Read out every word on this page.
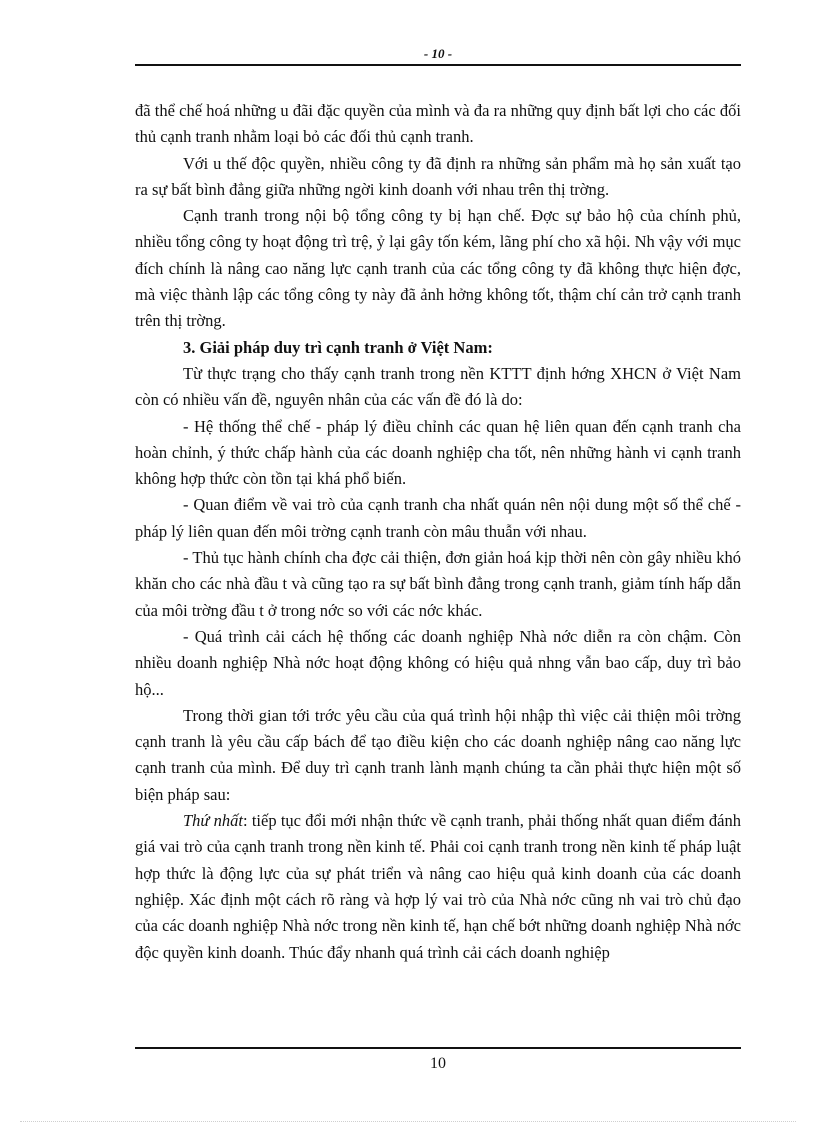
- 10 -

đã thể chế hoá những u đãi đặc quyền của mình và đa ra những quy định bất lợi cho các đối thủ cạnh tranh nhằm loại bỏ các đối thủ cạnh tranh.

Với u thế độc quyền, nhiều công ty đã định ra những sản phẩm mà họ sản xuất tạo ra sự bất bình đẳng giữa những ngời kinh doanh với nhau trên thị trờng.

Cạnh tranh trong nội bộ tổng công ty bị hạn chế. Đợc sự bảo hộ của chính phủ, nhiều tổng công ty hoạt động trì trệ, ỷ lại gây tốn kém, lãng phí cho xã hội. Nh vậy với mục đích chính là nâng cao năng lực cạnh tranh của các tổng công ty đã không thực hiện đợc, mà việc thành lập các tổng công ty này đã ảnh hởng không tốt, thậm chí cản trở cạnh tranh trên thị trờng.

3. Giải pháp duy trì cạnh tranh ở Việt Nam:

Từ thực trạng cho thấy cạnh tranh trong nền KTTT định hớng XHCN ở Việt Nam còn có nhiều vấn đề, nguyên nhân của các vấn đề đó là do:

- Hệ thống thể chế - pháp lý điều chỉnh các quan hệ liên quan đến cạnh tranh cha hoàn chỉnh, ý thức chấp hành của các doanh nghiệp cha tốt, nên những hành vi cạnh tranh không hợp thức còn tồn tại khá phổ biến.

- Quan điểm về vai trò của cạnh tranh cha nhất quán nên nội dung một số thể chế - pháp lý liên quan đến môi trờng cạnh tranh còn mâu thuẫn với nhau.

- Thủ tục hành chính cha đợc cải thiện, đơn giản hoá kịp thời nên còn gây nhiều khó khăn cho các nhà đầu t và cũng tạo ra sự bất bình đẳng trong cạnh tranh, giảm tính hấp dẫn của môi trờng đầu t ở trong nớc so với các nớc khác.

- Quá trình cải cách hệ thống các doanh nghiệp Nhà nớc diễn ra còn chậm. Còn nhiều doanh nghiệp Nhà nớc hoạt động không có hiệu quả nhng vẫn bao cấp, duy trì bảo hộ...

Trong thời gian tới trớc yêu cầu của quá trình hội nhập thì việc cải thiện môi trờng cạnh tranh là yêu cầu cấp bách để tạo điều kiện cho các doanh nghiệp nâng cao năng lực cạnh tranh của mình. Để duy trì cạnh tranh lành mạnh chúng ta cần phải thực hiện một số biện pháp sau:

Thứ nhất: tiếp tục đổi mới nhận thức về cạnh tranh, phải thống nhất quan điểm đánh giá vai trò của cạnh tranh trong nền kinh tế. Phải coi cạnh tranh trong nền kinh tế pháp luật hợp thức là động lực của sự phát triển và nâng cao hiệu quả kinh doanh của các doanh nghiệp. Xác định một cách rõ ràng và hợp lý vai trò của Nhà nớc cũng nh vai trò chủ đạo của các doanh nghiệp Nhà nớc trong nền kinh tế, hạn chế bớt những doanh nghiệp Nhà nớc độc quyền kinh doanh. Thúc đẩy nhanh quá trình cải cách doanh nghiệp

10
